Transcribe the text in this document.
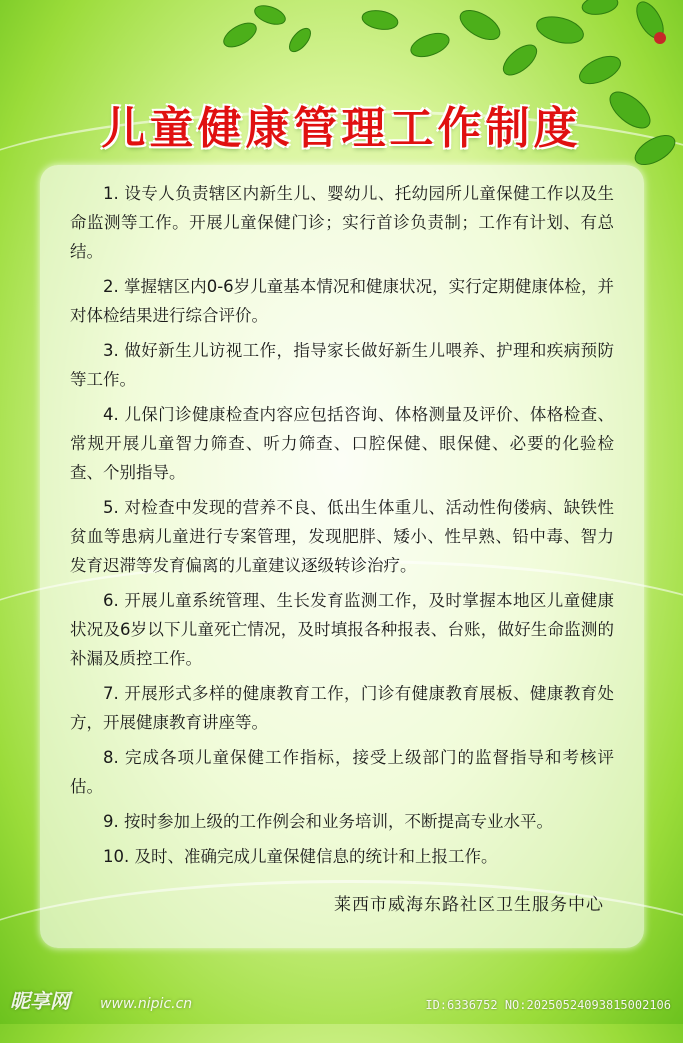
儿童健康管理工作制度
1. 设专人负责辖区内新生儿、婴幼儿、托幼园所儿童保健工作以及生命监测等工作。开展儿童保健门诊；实行首诊负责制；工作有计划、有总结。
2. 掌握辖区内0-6岁儿童基本情况和健康状况，实行定期健康体检，并对体检结果进行综合评价。
3. 做好新生儿访视工作，指导家长做好新生儿喂养、护理和疾病预防等工作。
4. 儿保门诊健康检查内容应包括咨询、体格测量及评价、体格检查、常规开展儿童智力筛查、听力筛查、口腔保健、眼保健、必要的化验检查、个别指导。
5. 对检查中发现的营养不良、低出生体重儿、活动性佝偻病、缺铁性贫血等患病儿童进行专案管理，发现肥胖、矮小、性早熟、铅中毒、智力发育迟滞等发育偏离的儿童建议逐级转诊治疗。
6. 开展儿童系统管理、生长发育监测工作，及时掌握本地区儿童健康状况及6岁以下儿童死亡情况，及时填报各种报表、台账，做好生命监测的补漏及质控工作。
7. 开展形式多样的健康教育工作，门诊有健康教育展板、健康教育处方，开展健康教育讲座等。
8. 完成各项儿童保健工作指标，接受上级部门的监督指导和考核评估。
9. 按时参加上级的工作例会和业务培训，不断提高专业水平。
10. 及时、准确完成儿童保健信息的统计和上报工作。
莱西市威海东路社区卫生服务中心
昵享网 www.nipic.cn	ID:6336752 NO:20250524093815002106
